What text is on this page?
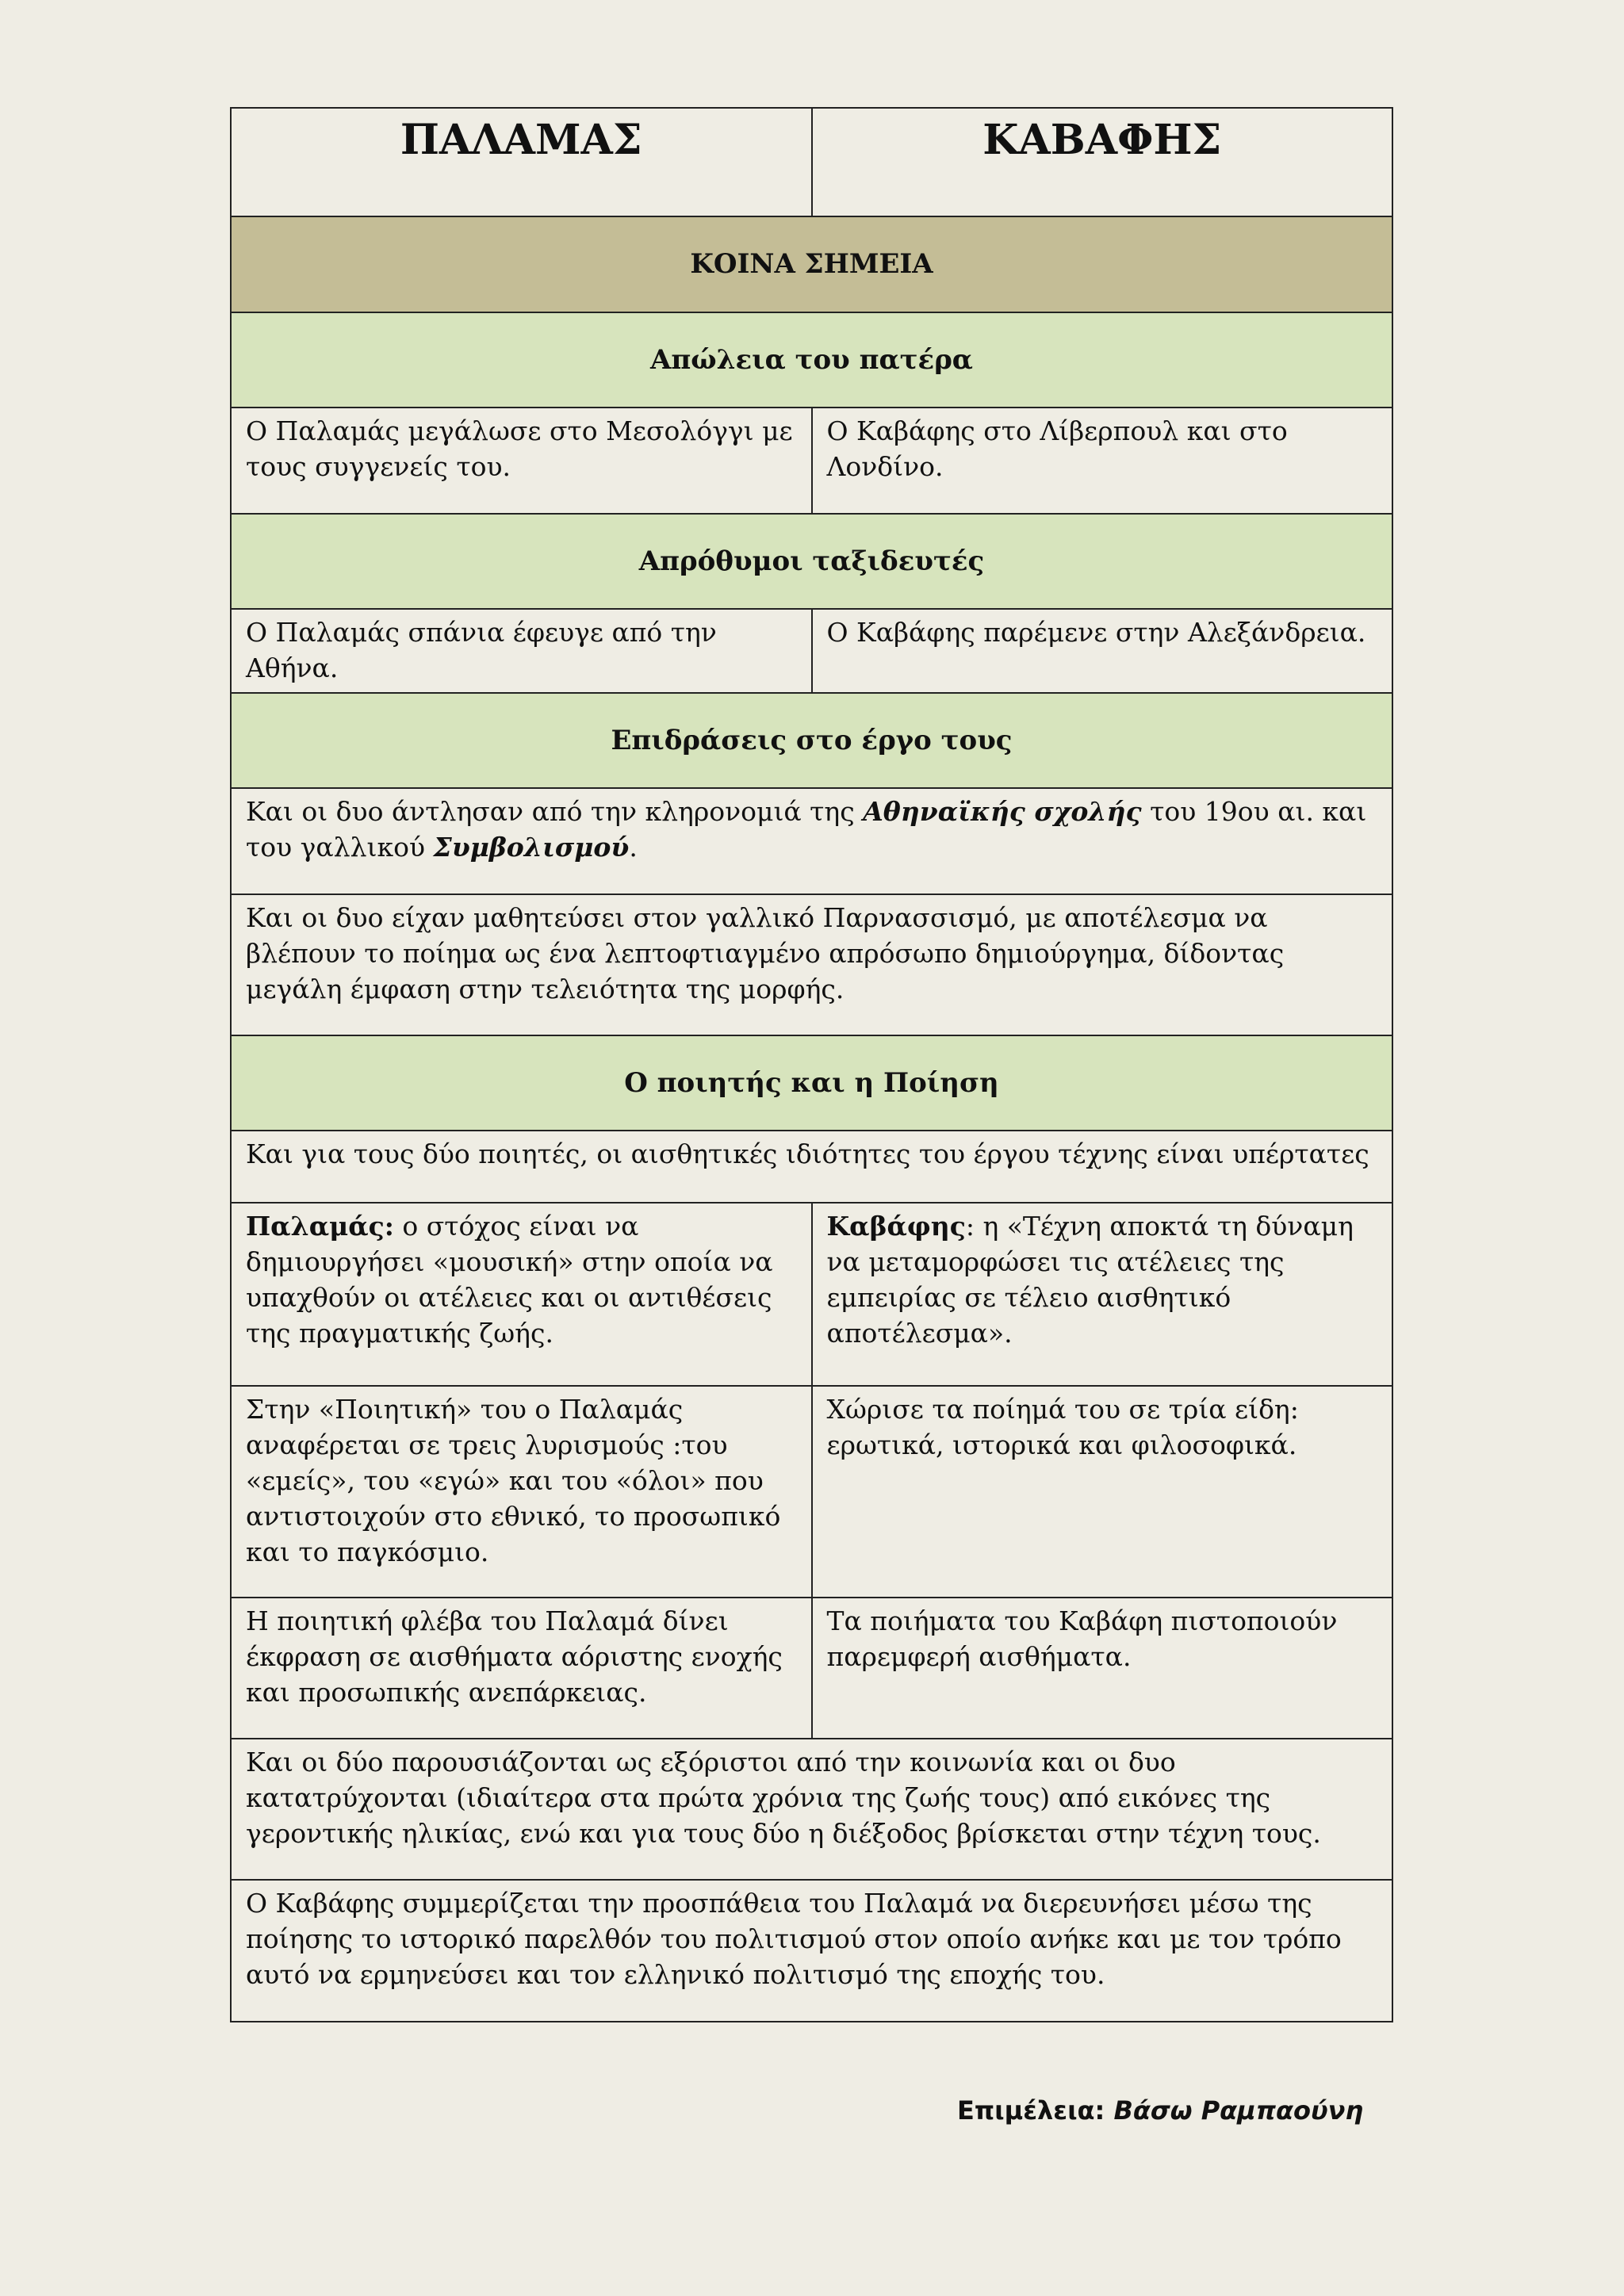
ΠΑΛΑΜΑΣ	ΚΑΒΑΦΗΣ
ΚΟΙΝΑ ΣΗΜΕΙΑ	
Απώλεια του πατέρα	
Ο Παλαμάς μεγάλωσε στο Μεσολόγγι με τους συγγενείς του.	Ο Καβάφης στο Λίβερπουλ και στο Λονδίνο.
Απρόθυμοι ταξιδευτές	
Ο Παλαμάς σπάνια έφευγε από την Αθήνα.	Ο Καβάφης παρέμενε στην Αλεξάνδρεια.
Επιδράσεις στο έργο τους	
Και οι δυο άντλησαν από την κληρονομιά της Αθηναϊκής σχολής του 19ου αι. και του γαλλικού Συμβολισμού.	
Και οι δυο είχαν μαθητεύσει στον γαλλικό Παρνασσισμό, με αποτέλεσμα να βλέπουν το ποίημα ως ένα λεπτοφτιαγμένο απρόσωπο δημιούργημα, δίδοντας μεγάλη έμφαση στην τελειότητα της μορφής.	
Ο ποιητής και η Ποίηση	
Και για τους δύο ποιητές, οι αισθητικές ιδιότητες του έργου τέχνης είναι υπέρτατες	
Παλαμάς: ο στόχος είναι να δημιουργήσει «μουσική» στην οποία να υπαχθούν οι ατέλειες και οι αντιθέσεις της πραγματικής ζωής.	Καβάφης: η «Τέχνη αποκτά τη δύναμη να μεταμορφώσει τις ατέλειες της εμπειρίας σε τέλειο αισθητικό αποτέλεσμα».
Στην «Ποιητική» του ο Παλαμάς αναφέρεται σε τρεις λυρισμούς :του «εμείς», του «εγώ» και του «όλοι» που αντιστοιχούν στο εθνικό, το προσωπικό και το παγκόσμιο.	Χώρισε τα ποίημά του σε τρία είδη: ερωτικά, ιστορικά και φιλοσοφικά.
Η ποιητική φλέβα του Παλαμά δίνει έκφραση σε αισθήματα αόριστης ενοχής και προσωπικής ανεπάρκειας.	Τα ποιήματα του Καβάφη πιστοποιούν παρεμφερή αισθήματα.
Και οι δύο παρουσιάζονται ως εξόριστοι από την κοινωνία και οι δυο κατατρύχονται (ιδιαίτερα στα πρώτα χρόνια της ζωής τους) από εικόνες της γεροντικής ηλικίας, ενώ και για τους δύο η διέξοδος βρίσκεται στην τέχνη τους.	
Ο Καβάφης συμμερίζεται την προσπάθεια του Παλαμά να διερευνήσει μέσω της ποίησης το ιστορικό παρελθόν του πολιτισμού στον οποίο ανήκε και με τον τρόπο αυτό να ερμηνεύσει και τον ελληνικό πολιτισμό της εποχής του.	
Επιμέλεια: Βάσω Ραμπαούνη
